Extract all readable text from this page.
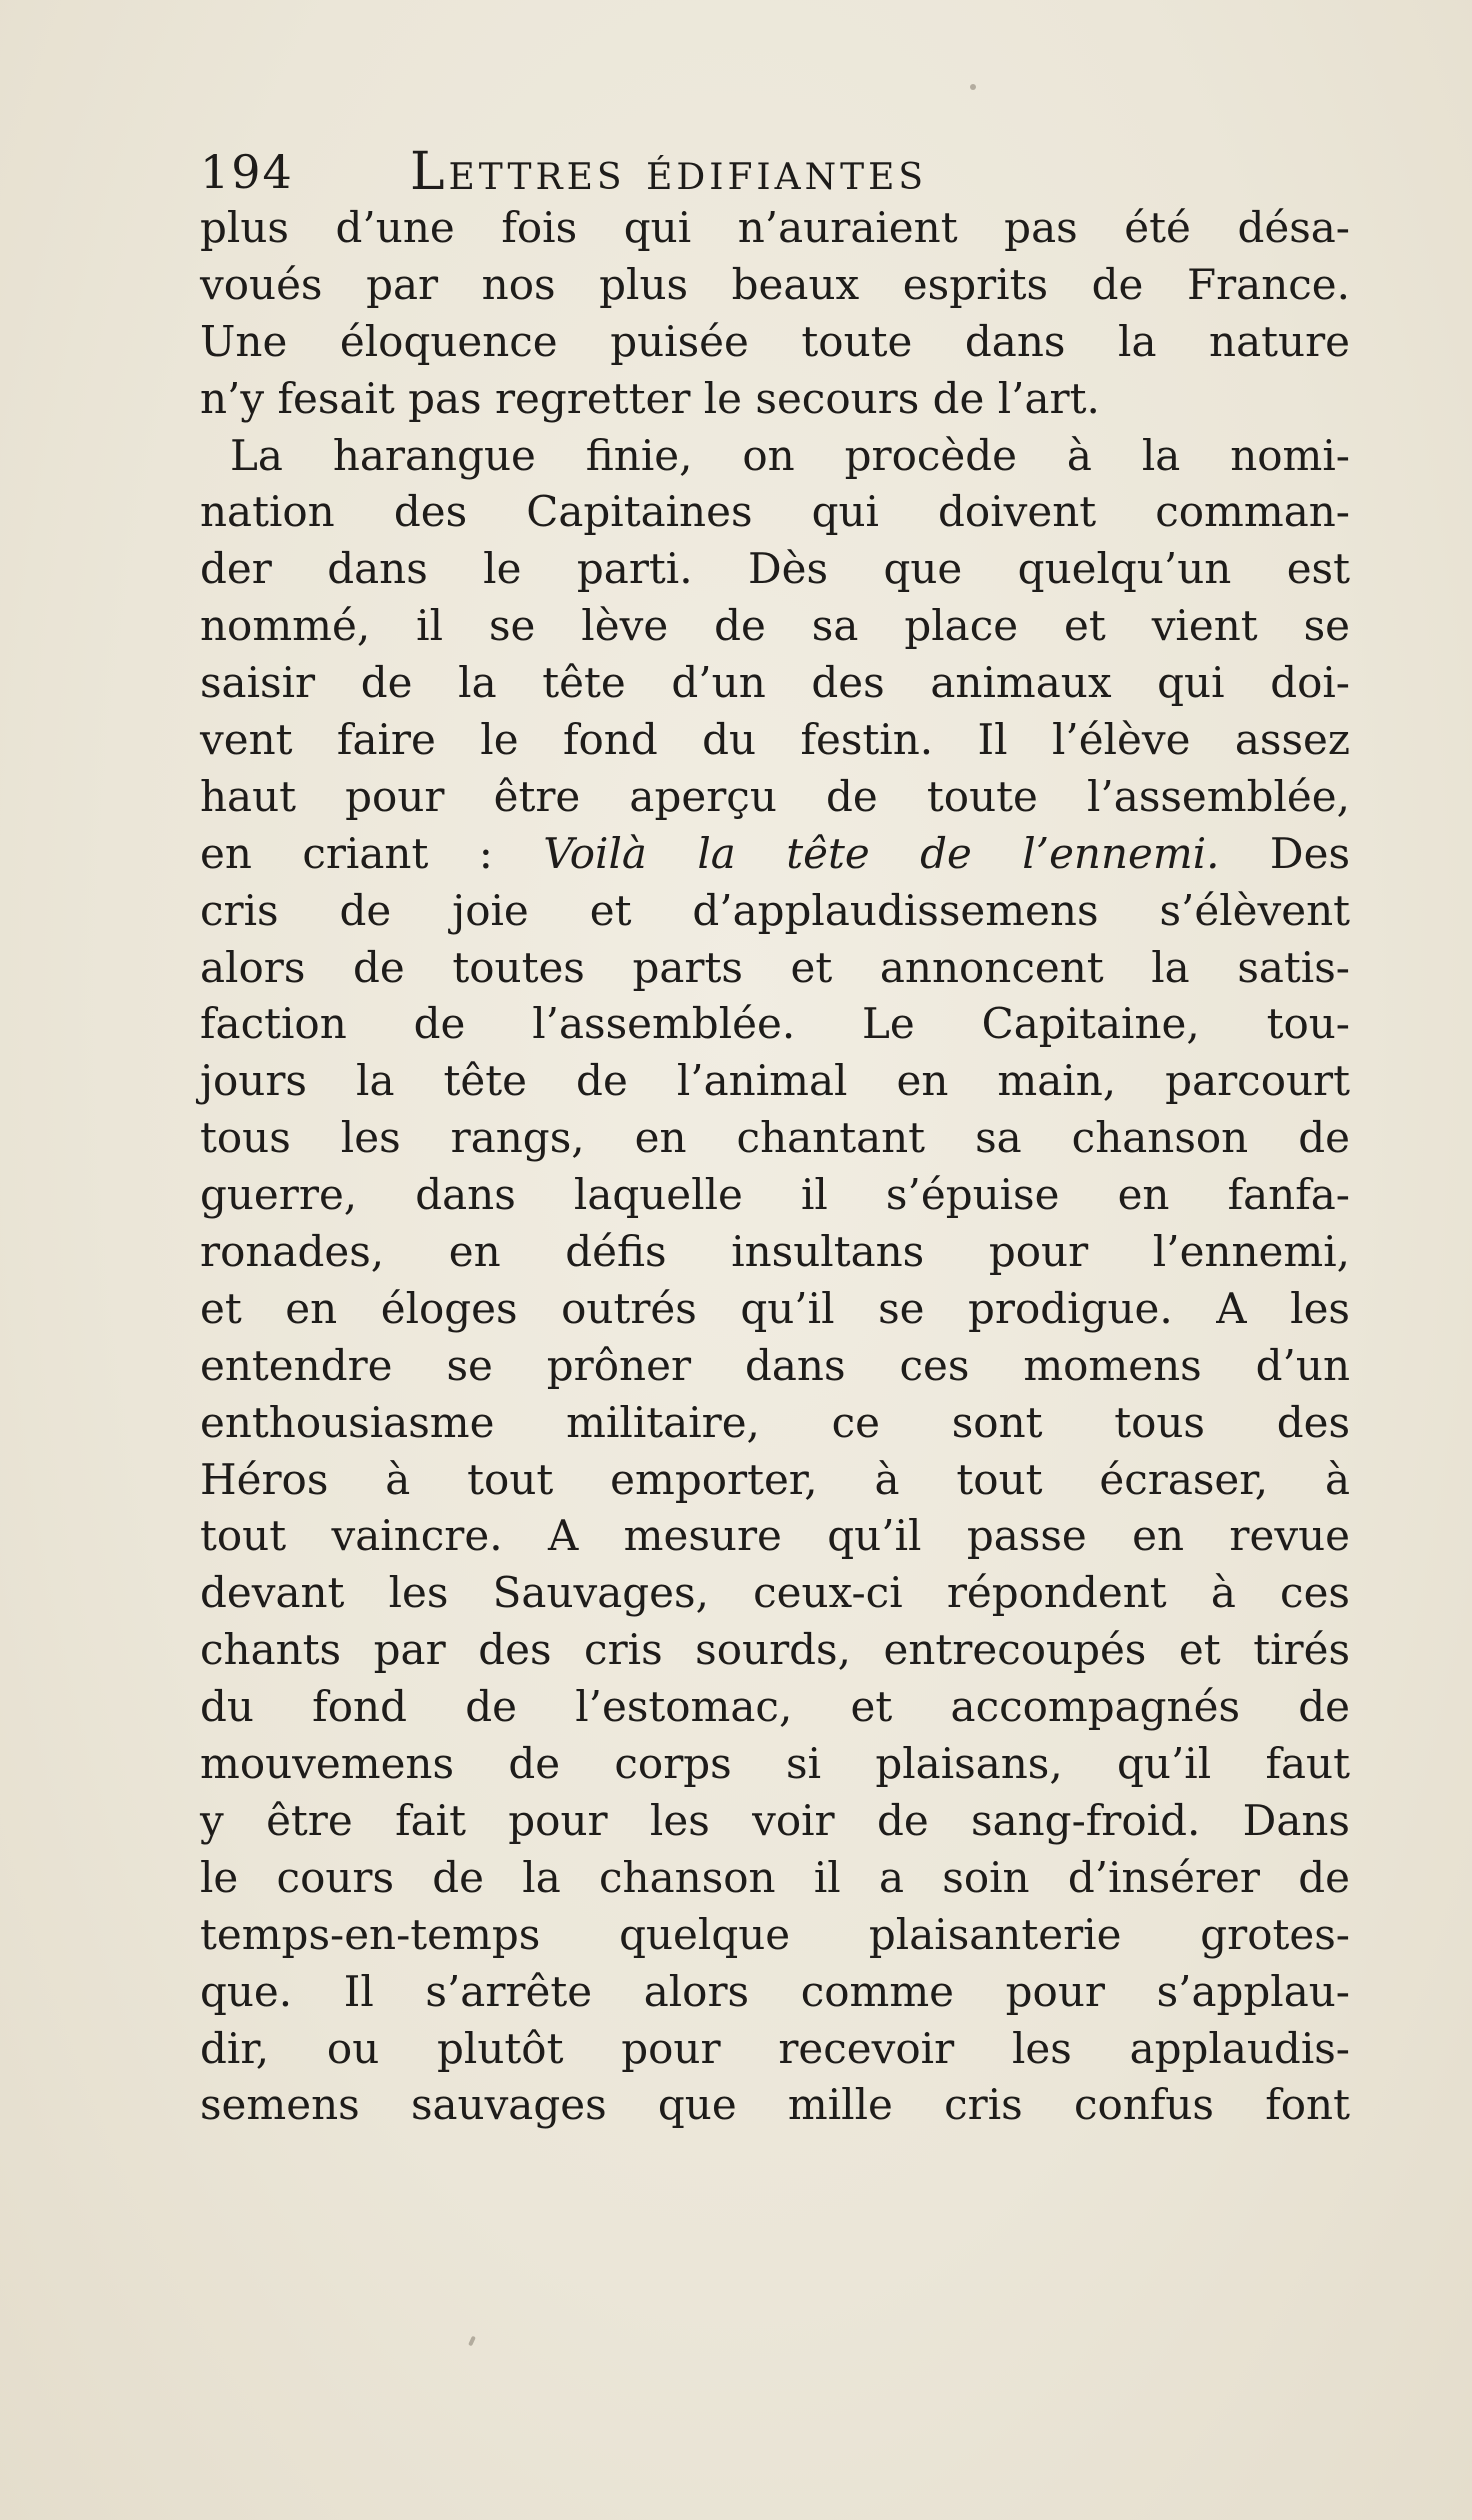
194 Lettres édifiantes
plus d’une fois qui n’auraient pas été désa-
voués par nos plus beaux esprits de France.
Une éloquence puisée toute dans la nature
n’y fesait pas regretter le secours de l’art.
La harangue finie, on procède à la nomi-
nation des Capitaines qui doivent comman-
der dans le parti. Dès que quelqu’un est
nommé, il se lève de sa place et vient se
saisir de la tête d’un des animaux qui doi-
vent faire le fond du festin. Il l’élève assez
haut pour être aperçu de toute l’assemblée,
en criant : Voilà la tête de l’ennemi. Des
cris de joie et d’applaudissemens s’élèvent
alors de toutes parts et annoncent la satis-
faction de l’assemblée. Le Capitaine, tou-
jours la tête de l’animal en main, parcourt
tous les rangs, en chantant sa chanson de
guerre, dans laquelle il s’épuise en fanfa-
ronades, en défis insultans pour l’ennemi,
et en éloges outrés qu’il se prodigue. A les
entendre se prôner dans ces momens d’un
enthousiasme militaire, ce sont tous des
Héros à tout emporter, à tout écraser, à
tout vaincre. A mesure qu’il passe en revue
devant les Sauvages, ceux-ci répondent à ces
chants par des cris sourds, entrecoupés et tirés
du fond de l’estomac, et accompagnés de
mouvemens de corps si plaisans, qu’il faut
y être fait pour les voir de sang-froid. Dans
le cours de la chanson il a soin d’insérer de
temps-en-temps quelque plaisanterie grotes-
que. Il s’arrête alors comme pour s’applau-
dir, ou plutôt pour recevoir les applaudis-
semens sauvages que mille cris confus font
